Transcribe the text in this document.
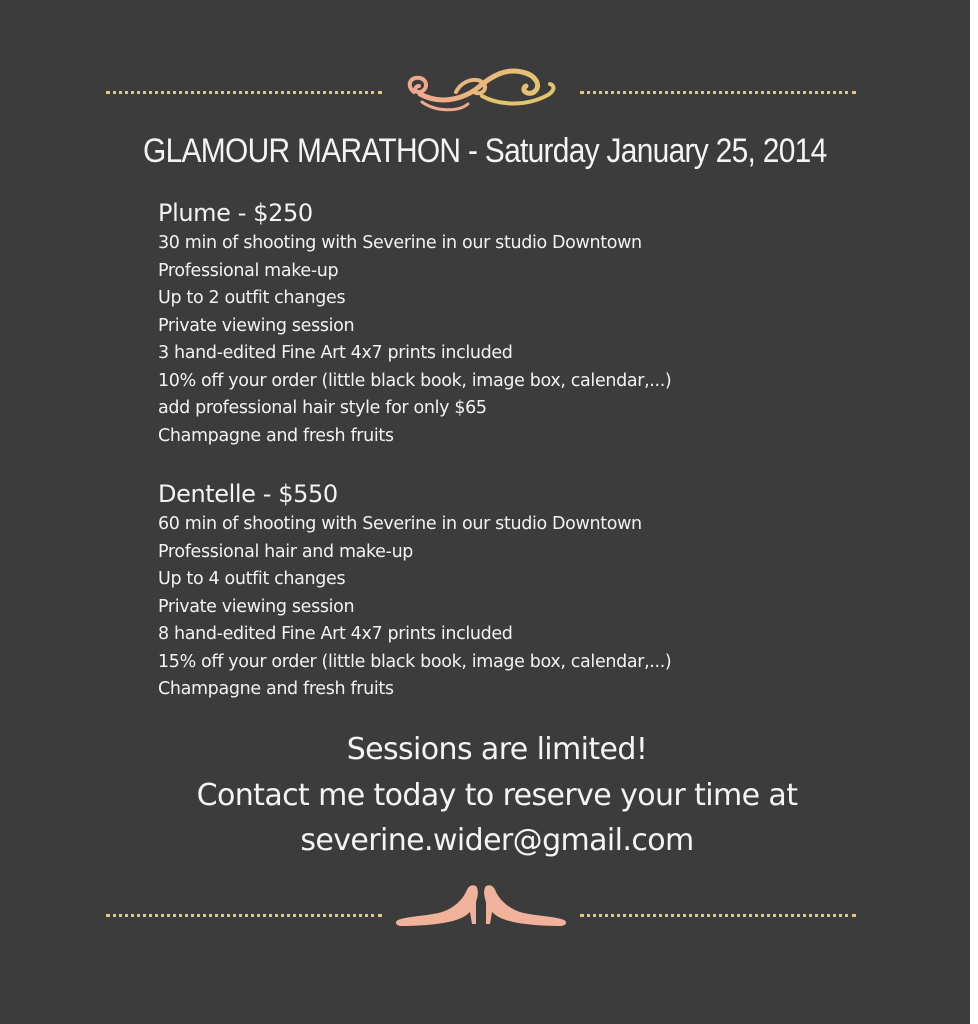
GLAMOUR MARATHON - Saturday January 25, 2014
Plume - $250
30 min of shooting with Severine in our studio Downtown
Professional make-up
Up to 2 outfit changes
Private viewing session
3 hand-edited Fine Art 4x7 prints included
10% off your order (little black book, image box, calendar,...)
add professional hair style for only $65
Champagne and fresh fruits
Dentelle - $550
60 min of shooting with Severine in our studio Downtown
Professional hair and make-up
Up to 4 outfit changes
Private viewing session
8 hand-edited Fine Art 4x7 prints included
15% off your order (little black book, image box, calendar,...)
Champagne and fresh fruits
Sessions are limited!
Contact me today to reserve your time at
severine.wider@gmail.com
